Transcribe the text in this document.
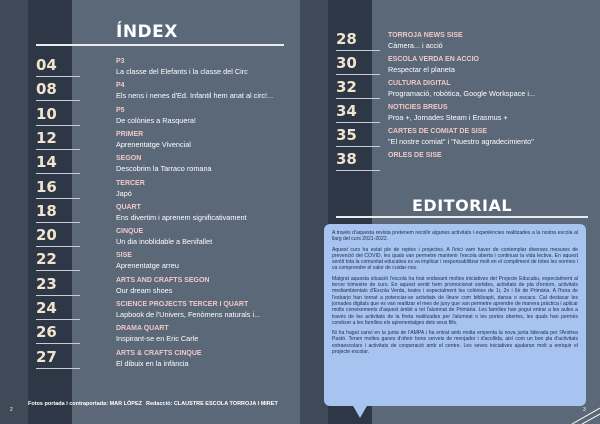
ÍNDEX
04	P3
La classe del Elefants i la classe del Circ
08	P4
Els nens i nenes d'Ed. Infantil hem anat al circ!...
10	P5
De colònies a Rasquera!
12	PRIMER
Aprenentatge Vivencial
14	SEGON
Descobrim la Tarraco romana
16	TERCER
Japó
18	QUART
Ens divertim i aprenem significativament
20	CINQUÈ
Un dia inoblidable a Benifallet
22	SISÈ
Aprenentatge arreu
23	ARTS AND CRAFTS SEGON
Our dream shoes
24	SCIENCE PROJECTS TERCER I QUART
Lapbook de l'Univers, Fenòmens naturals i...
26	DRAMA QUART
Inspirant-se en Eric Carle
27	ARTS & CRAFTS CINQUÈ
El dibuix en la infància
Fotos portada i contraportada: MAR LÓPEZ Redacció: CLAUSTRE ESCOLA TORROJA I MIRET
2
28	TORROJA NEWS SISÈ
Càmera... i acció
30	ESCOLA VERDA EN ACCIÓ
Respectar el planeta
32	CULTURA DIGITAL
Programació, robòtica, Google Workspace i...
34	NOTÍCIES BREUS
Proa +, Jornades Steam i Erasmus +
35	CARTES DE COMIAT DE SISÈ
"El nostre comiat" i "Nuestro agradecimiento"
38	ORLES DE SISÈ
EDITORIAL
3

A través d'aquesta revista pretenem recollir algunes activitats i experiències realitzades a la nostra escola al llarg del curs 2021-2022.

Aquest curs ha estat ple de reptes i projectes. A l'inici vam haver de contemplar diverses mesures de prevenció del COVID, les quals van permetre mantenir l'escola oberta i continuar la vida lectiva. En aquest sentit tota la comunitat educativa es va implicar i responsabilitzar molt en el compliment de totes les normes i va comprendre el valor de cuidar-nos.

Malgrat aquesta situació l'escola ha tirat endavant moltes iniciatives del Projecte Educatiu, especialment al tercer trimestre de curs. En aquest sentit hem promocionat sortides, activitats de pla d'entorn, activitats mediambientals d'Escola Verda, teatre i especialment les colònies de 1r, 2n i 6è de Primària. A l'hora de l'esbarjo han tornat a potenciar-se activitats de lleure com biblioapti, dansa o escacs. Cal destacar les jornades digitals que es van realitzar el mes de juny que van permetre aprendre de manera pràctica i aplicar molts coneixements d'aquest àmbit a tot l'alumnat de Primària. Les famílies han pogut entrar a les aules a través de les activitats de la fireta realitzades per l'alumnat o les portes obertes, les quals han permès conèixer a les famílies els aprenentatges dels seus fills.

Ni ha hagut canvi en la junta de l'AMPA i ha entrat amb molta empenta la nova junta liderada per l'Andrea Pastó. Tenen moltes ganes d'oferir bons serveis de menjador i d'acollida, així com un bon pla d'activitats extraescolars i activitats de cooperació amb el centre. Les seves iniciatives ajudaran molt a enriquir el projecte escolar.
